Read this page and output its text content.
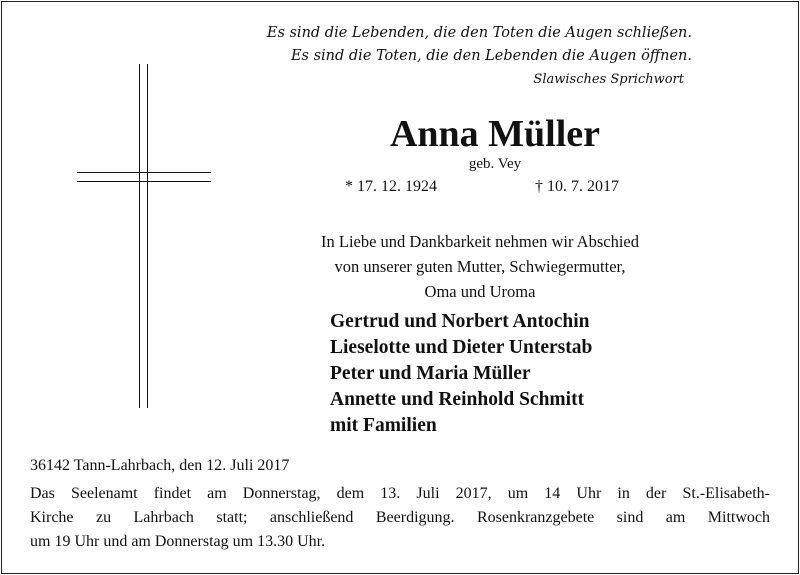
Es sind die Lebenden, die den Toten die Augen schließen.
Es sind die Toten, die den Lebenden die Augen öffnen.
Slawisches Sprichwort
Anna Müller
geb. Vey
* 17. 12. 1924	† 10. 7. 2017
In Liebe und Dankbarkeit nehmen wir Abschied
von unserer guten Mutter, Schwiegermutter,
Oma und Uroma
Gertrud und Norbert Antochin
Lieselotte und Dieter Unterstab
Peter und Maria Müller
Annette und Reinhold Schmitt
mit Familien
36142 Tann-Lahrbach, den 12. Juli 2017
Das Seelenamt findet am Donnerstag, dem 13. Juli 2017, um 14 Uhr in der St.-Elisabeth-
Kirche zu Lahrbach statt; anschließend Beerdigung. Rosenkranzgebete sind am Mittwoch
um 19 Uhr und am Donnerstag um 13.30 Uhr.
